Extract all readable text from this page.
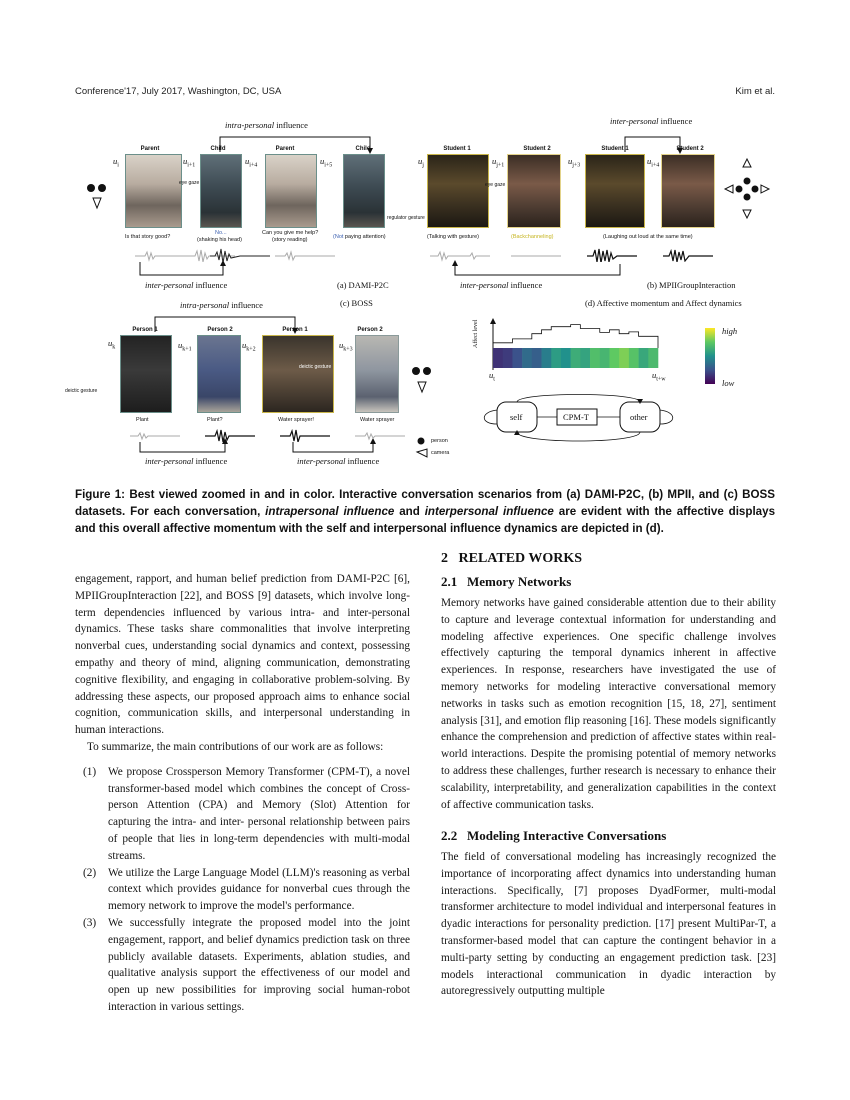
Conference'17, July 2017, Washington, DC, USA	Kim et al.
intra-personal influence
Parent	Child	Parent	Child
$u_i$	$u_{i+1}$	$u_{i+4}$	$u_{i+5}$
eye gaze
Is that story good?
No...
(shaking his head)
Can you give me help?
(story reading)	(Not paying attention)
inter-personal influence	(a) DAMI-P2C
(c) BOSS
inter-personal influence
Student 1	Student 2	Student 1	Student 2
$u_j$	$u_{j+1}$	$u_{j+3}$	$u_{i+4}$
eye gaze
regulator gesture
(Talking with gesture)	(Backchanneling)	(Laughing out loud at the same time)
inter-personal influence	(b) MPIIGroupInteraction
(d) Affective momentum and Affect dynamics
intra-personal influence
Person 1	Person 2	Person 1	Person 2
$u_k$	$u_{k+1}$	$u_{k+2}$	$u_{k+3}$
deictic gesture
deictic gesture
Plant	Plant?	Water sprayer!	Water sprayer
inter-personal influence	inter-personal influence
Affect level
$u_t$	$u_{t+w}$
high
low
self	CPM-T	other
person
camera
Figure 1: Best viewed zoomed in and in color. Interactive conversation scenarios from (a) DAMI-P2C, (b) MPII, and (c) BOSS datasets. For each conversation, intrapersonal influence and interpersonal influence are evident with the affective displays and this overall affective momentum with the self and interpersonal influence dynamics are depicted in (d).
engagement, rapport, and human belief prediction from DAMI-P2C [6], MPIIGroupInteraction [22], and BOSS [9] datasets, which involve long-term dependencies influenced by various intra- and inter-personal dynamics. These tasks share commonalities that involve interpreting nonverbal cues, understanding social dynamics and context, possessing empathy and theory of mind, aligning communication, demonstrating cognitive flexibility, and engaging in collaborative problem-solving. By addressing these aspects, our proposed approach aims to enhance social cognition, communication skills, and interpersonal understanding in human interactions.
To summarize, the main contributions of our work are as follows:
(1) We propose Crossperson Memory Transformer (CPM-T), a novel transformer-based model which combines the concept of Cross-person Attention (CPA) and Memory (Slot) Attention for capturing the intra- and inter- personal relationship between pairs of people that lies in long-term dependencies with multi-modal streams.
(2) We utilize the Large Language Model (LLM)'s reasoning as verbal context which provides guidance for nonverbal cues through the memory network to improve the model's performance.
(3) We successfully integrate the proposed model into the joint engagement, rapport, and belief dynamics prediction task on three publicly available datasets. Experiments, ablation studies, and qualitative analysis support the effectiveness of our model and open up new possibilities for improving social human-robot interaction in various settings.
2 RELATED WORKS
2.1 Memory Networks
Memory networks have gained considerable attention due to their ability to capture and leverage contextual information for understanding and modeling affective experiences. One specific challenge involves effectively capturing the temporal dynamics inherent in affective experiences. In response, researchers have investigated the use of memory networks for modeling interactive conversational memory networks in tasks such as emotion recognition [15, 18, 27], sentiment analysis [31], and emotion flip reasoning [16]. These models significantly enhance the comprehension and prediction of affective states within real-world interactions. Despite the promising potential of memory networks to address these challenges, further research is necessary to enhance their scalability, interpretability, and generalization capabilities in the context of affective communication tasks.
2.2 Modeling Interactive Conversations
The field of conversational modeling has increasingly recognized the importance of incorporating affect dynamics into understanding human interactions. Specifically, [7] proposes DyadFormer, multi-modal transformer architecture to model individual and interpersonal features in dyadic interactions for personality prediction. [17] present MultiPar-T, a transformer-based model that can capture the contingent behavior in a multi-party setting by conducting an engagement prediction task. [23] models interactional communication in dyadic interaction by autoregressively outputting multiple
